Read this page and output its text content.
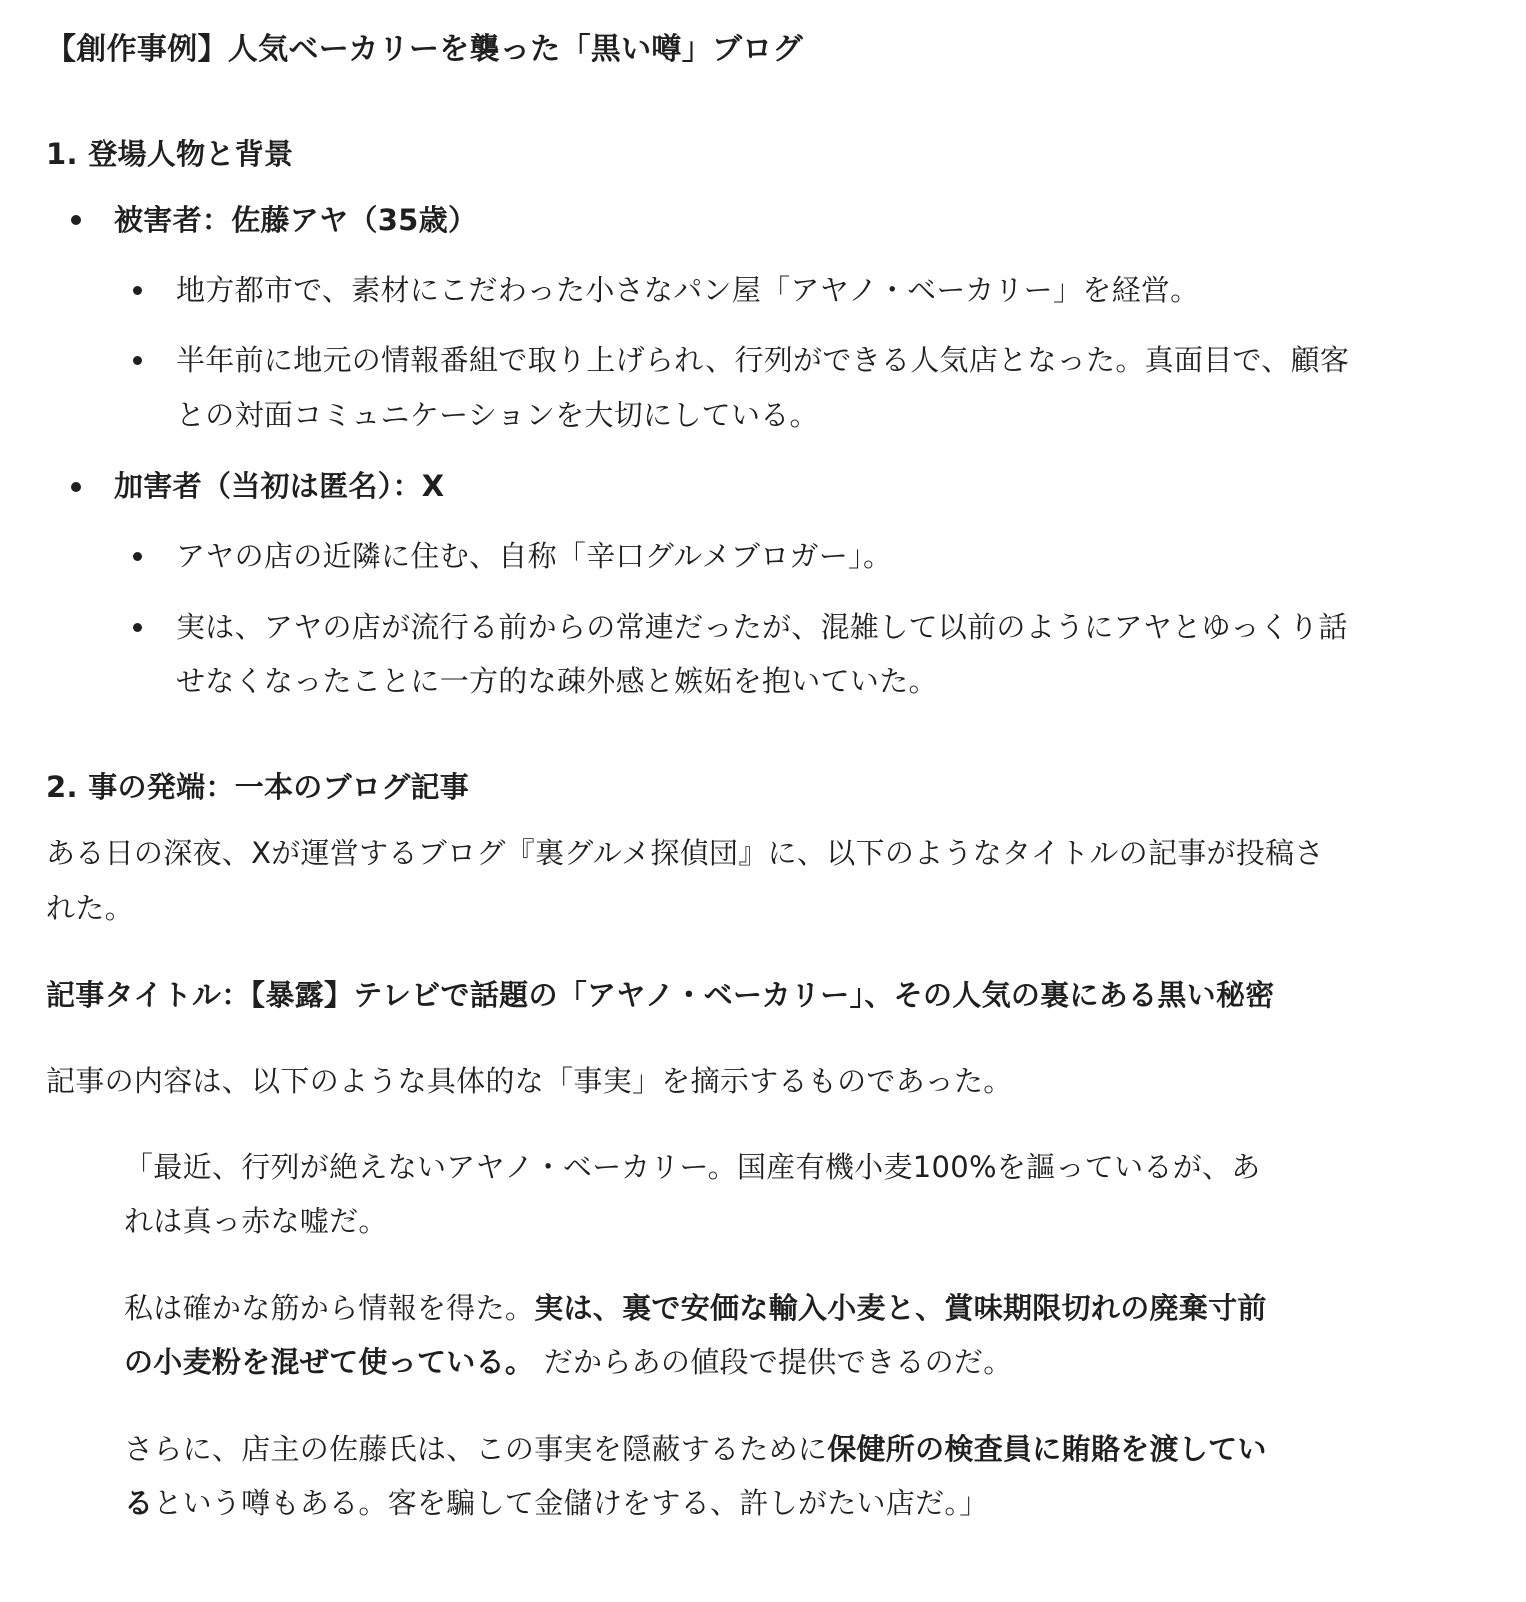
【創作事例】人気ベーカリーを襲った「黒い噂」ブログ
1. 登場人物と背景
被害者：佐藤アヤ（35歳）
地方都市で、素材にこだわった小さなパン屋「アヤノ・ベーカリー」を経営。
半年前に地元の情報番組で取り上げられ、行列ができる人気店となった。真面目で、顧客
との対面コミュニケーションを大切にしている。
加害者（当初は匿名）：X
アヤの店の近隣に住む、自称「辛口グルメブロガー」。
実は、アヤの店が流行る前からの常連だったが、混雑して以前のようにアヤとゆっくり話
せなくなったことに一方的な疎外感と嫉妬を抱いていた。
2. 事の発端：一本のブログ記事
ある日の深夜、Xが運営するブログ『裏グルメ探偵団』に、以下のようなタイトルの記事が投稿さ
れた。
記事タイトル：【暴露】テレビで話題の「アヤノ・ベーカリー」、その人気の裏にある黒い秘密
記事の内容は、以下のような具体的な「事実」を摘示するものであった。
「最近、行列が絶えないアヤノ・ベーカリー。国産有機小麦100%を謳っているが、あ
れは真っ赤な嘘だ。
私は確かな筋から情報を得た。実は、裏で安価な輸入小麦と、賞味期限切れの廃棄寸前
の小麦粉を混ぜて使っている。 だからあの値段で提供できるのだ。
さらに、店主の佐藤氏は、この事実を隠蔽するために保健所の検査員に賄賂を渡してい
るという噂もある。客を騙して金儲けをする、許しがたい店だ。」
